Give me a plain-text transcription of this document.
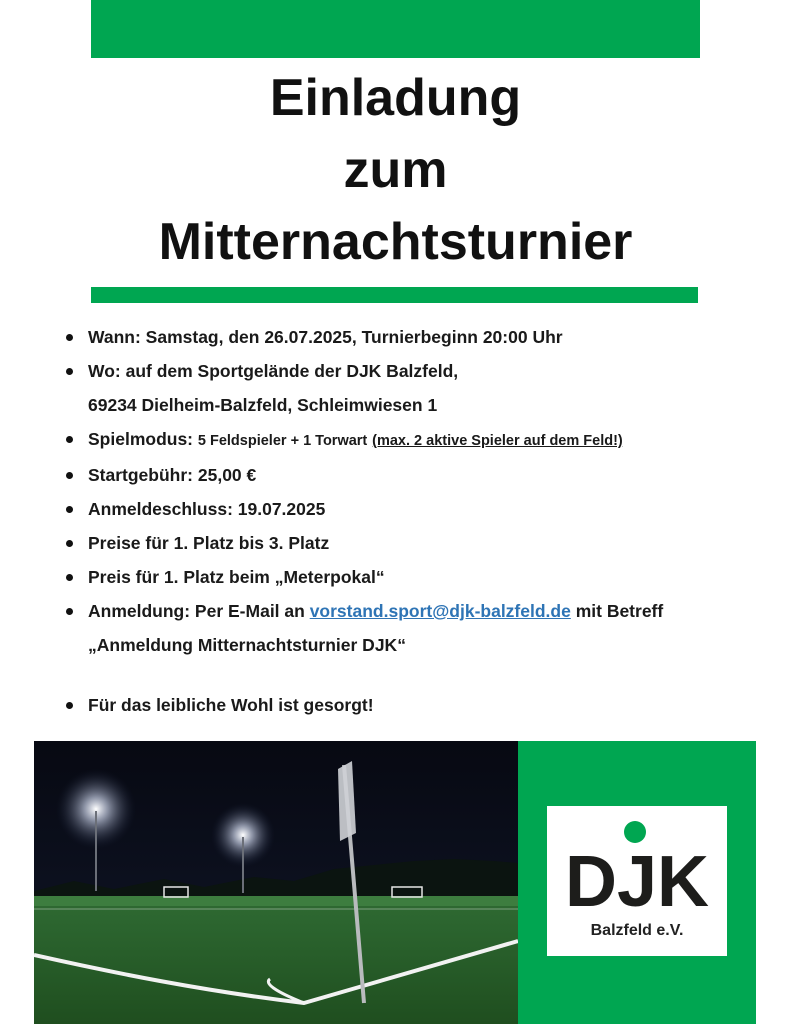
Einladung
zum
Mitternachtsturnier
Wann: Samstag, den 26.07.2025, Turnierbeginn 20:00 Uhr
Wo: auf dem Sportgelände der DJK Balzfeld,
69234 Dielheim-Balzfeld, Schleimwiesen 1
Spielmodus: 5 Feldspieler + 1 Torwart (max. 2 aktive Spieler auf dem Feld!)
Startgebühr: 25,00 €
Anmeldeschluss: 19.07.2025
Preise für 1. Platz bis 3. Platz
Preis für 1. Platz beim „Meterpokal“
Anmeldung: Per E-Mail an vorstand.sport@djk-balzfeld.de mit Betreff
„Anmeldung Mitternachtsturnier DJK“
Für das leibliche Wohl ist gesorgt!
DJK
Balzfeld e.V.
